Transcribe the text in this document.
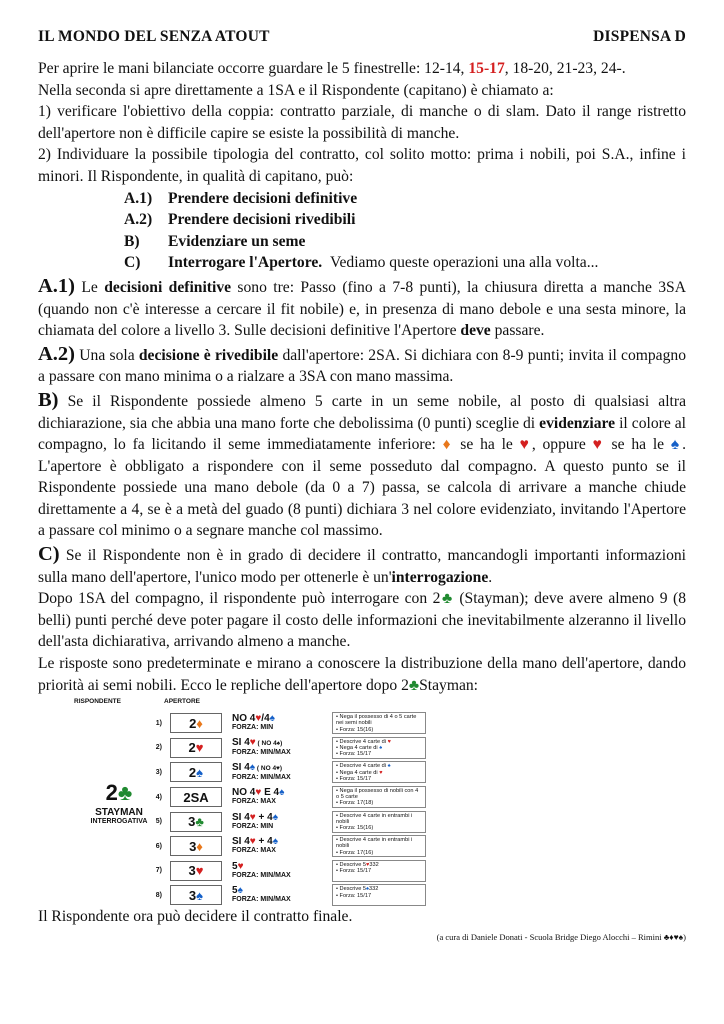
IL MONDO DEL SENZA ATOUT	DISPENSA D

Per aprire le mani bilanciate occorre guardare le 5 finestrelle: 12-14, 15-17, 18-20, 21-23, 24-.

Nella seconda si apre direttamente a 1SA e il Rispondente (capitano) è chiamato a:

1) verificare l'obiettivo della coppia: contratto parziale, di manche o di slam. Dato il range ristretto dell'apertore non è difficile capire se esiste la possibilità di manche.

2) Individuare la possibile tipologia del contratto, col solito motto: prima i nobili, poi S.A., infine i minori. Il Rispondente, in qualità di capitano, può:

A.1)	Prendere decisioni definitive
A.2)	Prendere decisioni rivedibili
B)	Evidenziare un seme
C)	Interrogare l'Apertore.
Vediamo queste operazioni una alla volta...

A.1) Le decisioni definitive sono tre: Passo (fino a 7-8 punti), la chiusura diretta a manche 3SA (quando non c'è interesse a cercare il fit nobile) e, in presenza di mano debole e una sesta minore, la chiamata del colore a livello 3. Sulle decisioni definitive l'Apertore deve passare.

A.2) Una sola decisione è rivedibile dall'apertore: 2SA. Si dichiara con 8-9 punti; invita il compagno a passare con mano minima o a rialzare a 3SA con mano massima.

B) Se il Rispondente possiede almeno 5 carte in un seme nobile, al posto di qualsiasi altra dichiarazione, sia che abbia una mano forte che debolissima (0 punti) sceglie di evidenziare il colore al compagno, lo fa licitando il seme immediatamente inferiore: ♦ se ha le ♥, oppure ♥ se ha le ♠. L'apertore è obbligato a rispondere con il seme posseduto dal compagno. A questo punto se il Rispondente possiede una mano debole (da 0 a 7) passa, se calcola di arrivare a manche chiude direttamente a 4, se è a metà del guado (8 punti) dichiara 3 nel colore evidenziato, invitando l'Apertore a passare col minimo o a segnare manche col massimo.

C) Se il Rispondente non è in grado di decidere il contratto, mancandogli importanti informazioni sulla mano dell'apertore, l'unico modo per ottenerle è un'interrogazione.

Dopo 1SA del compagno, il rispondente può interrogare con 2♣ (Stayman); deve avere almeno 9 (8 belli) punti perché deve poter pagare il costo delle informazioni che inevitabilmente alzeranno il livello dell'asta dichiarativa, arrivando almeno a manche.

Le risposte sono predeterminate e mirano a conoscere la distribuzione della mano dell'apertore, dando priorità ai semi nobili. Ecco le repliche dell'apertore dopo 2♣Stayman:

RISPONDENTE	APERTORE
2♣
STAYMAN
INTERROGATIVA
1)	2 ♦	NO 4♥/4♠
FORZA: MIN
• Nega il possesso di 4 o 5 carte nei semi nobili
• Forza: 15(16)
2)	2 ♥	SI 4♥ ( NO 4♠)
FORZA: MIN/MAX
• Descrive 4 carte di ♥
• Nega 4 carte di ♠
• Forza: 15/17
3)	2 ♠	SI 4♠ ( NO 4♥)
FORZA: MIN/MAX
• Descrive 4 carte di ♠
• Nega 4 carte di ♥
• Forza: 15/17
4)	2SA	NO 4♥ E 4♠
FORZA: MAX
• Nega il possesso di nobili con 4 o 5 carte
• Forza: 17(18)
5)	3 ♣	SI 4♥ + 4♠
FORZA: MIN
• Descrive 4 carte in entrambi i nobili
• Forza: 15(16)
6)	3 ♦	SI 4♥ + 4♠
FORZA: MAX
• Descrive 4 carte in entrambi i nobili
• Forza: 17(16)
7)	3 ♥	5♥
FORZA: MIN/MAX
• Descrive 5♥332
• Forza: 15/17
8)	3 ♠	5♠
FORZA: MIN/MAX
• Descrive 5♠332
• Forza: 15/17

Il Rispondente ora può decidere il contratto finale.

(a cura di Daniele Donati - Scuola Bridge Diego Alocchi – Rimini ♣♦♥♠)
